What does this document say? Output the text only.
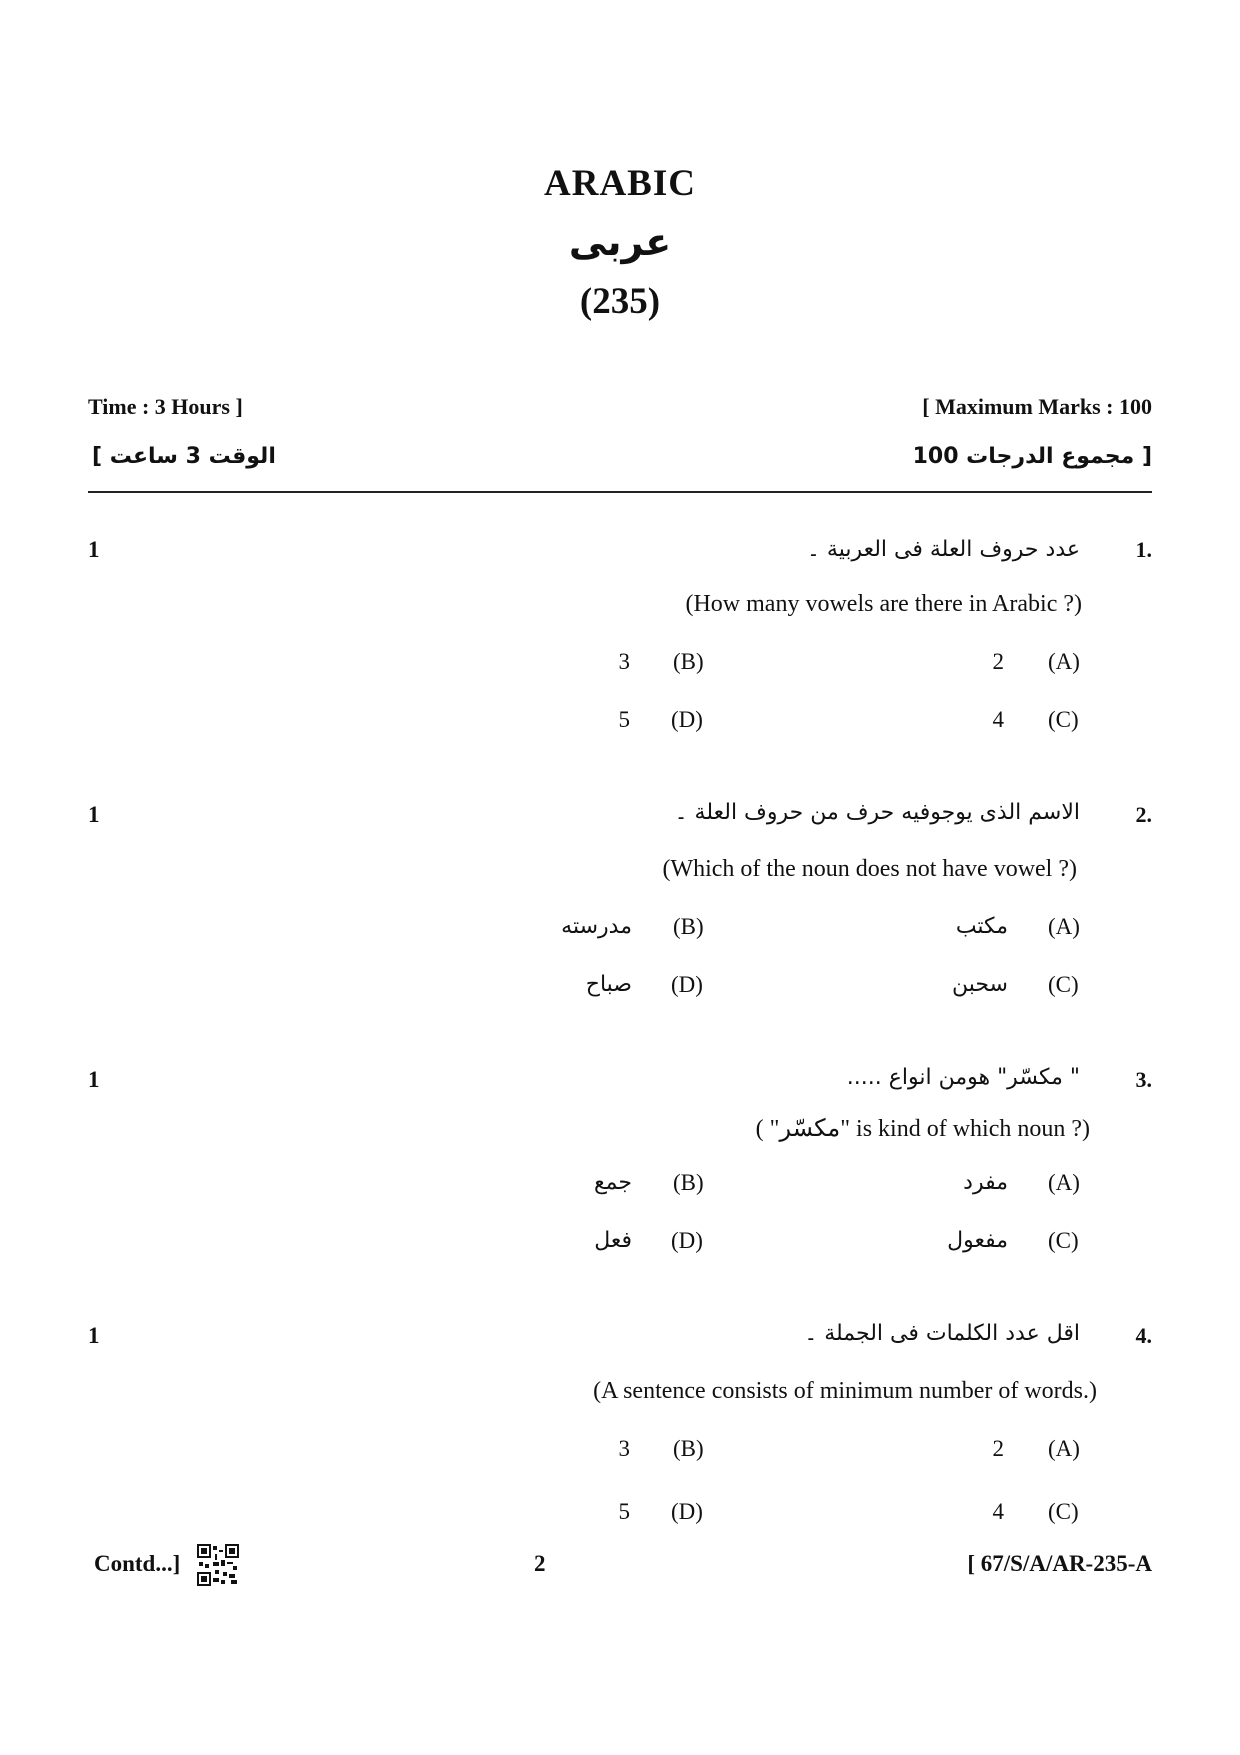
ARABIC
عربی
(235)
Time : 3 Hours ]	[ Maximum Marks : 100
[ الوقت 3 ساعت	مجموع الدرجات 100 ]
1	1.
عدد حروف العلة فی العربیة ۔
(How many vowels are there in Arabic ?)
(A)
2
(B)
3
(C)
4
(D)
5
1	2.
الاسم الذی یوجوفیه حرف من حروف العلة ۔
(Which of the noun does not have vowel ?)
(A)
مکتب
(B)
مدرسته
(C)
سحبن
(D)
صباح
1	3.
" مکسّر" هومن انواع .....
( "مکسّر" is kind of which noun ?)
(A)
مفرد
(B)
جمع
(C)
مفعول
(D)
فعل
1	4.
اقل عدد الکلمات فی الجملة ۔
(A sentence consists of minimum number of words.)
(A)
2
(B)
3
(C)
4
(D)
5
Contd...]	2	[ 67/S/A/AR-235-A
